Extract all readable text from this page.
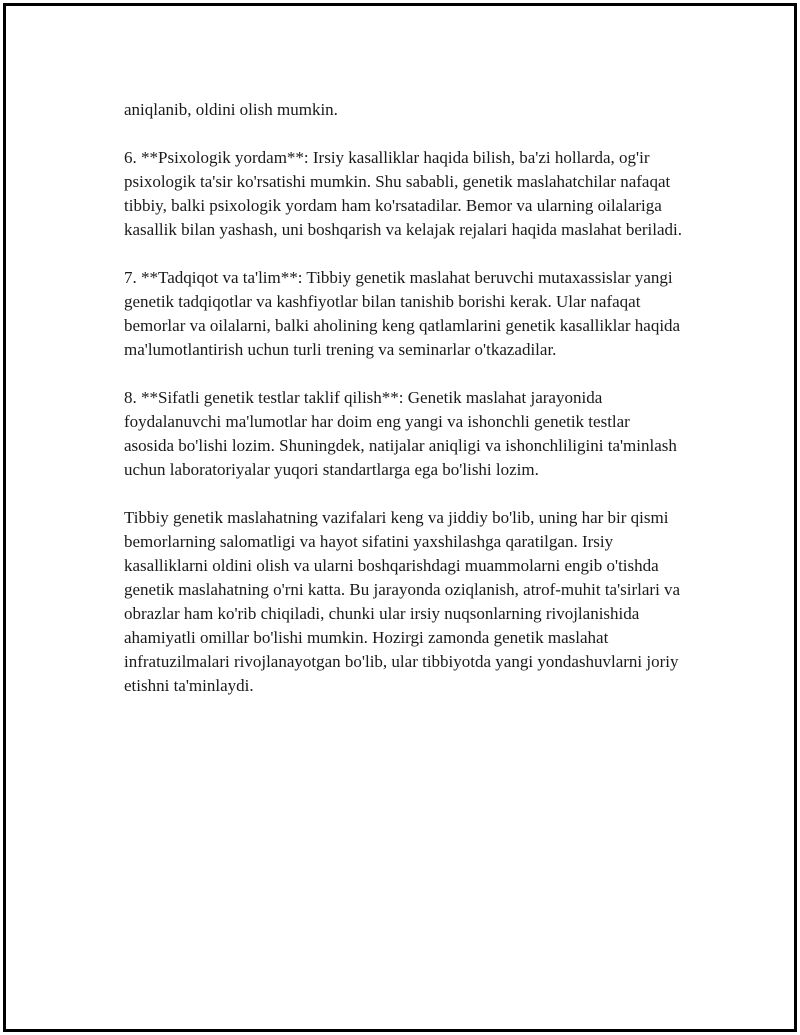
aniqlanib, oldini olish mumkin.

6. **Psixologik yordam**: Irsiy kasalliklar haqida bilish, ba'zi hollarda, og'ir psixologik ta'sir ko'rsatishi mumkin. Shu sababli, genetik maslahatchilar nafaqat tibbiy, balki psixologik yordam ham ko'rsatadilar. Bemor va ularning oilalariga kasallik bilan yashash, uni boshqarish va kelajak rejalari haqida maslahat beriladi.

7. **Tadqiqot va ta'lim**: Tibbiy genetik maslahat beruvchi mutaxassislar yangi genetik tadqiqotlar va kashfiyotlar bilan tanishib borishi kerak. Ular nafaqat bemorlar va oilalarni, balki aholining keng qatlamlarini genetik kasalliklar haqida ma'lumotlantirish uchun turli trening va seminarlar o'tkazadilar.

8. **Sifatli genetik testlar taklif qilish**: Genetik maslahat jarayonida foydalanuvchi ma'lumotlar har doim eng yangi va ishonchli genetik testlar asosida bo'lishi lozim. Shuningdek, natijalar aniqligi va ishonchliligini ta'minlash uchun laboratoriyalar yuqori standartlarga ega bo'lishi lozim.

Tibbiy genetik maslahatning vazifalari keng va jiddiy bo'lib, uning har bir qismi bemorlarning salomatligi va hayot sifatini yaxshilashga qaratilgan. Irsiy kasalliklarni oldini olish va ularni boshqarishdagi muammolarni engib o'tishda genetik maslahatning o'rni katta. Bu jarayonda oziqlanish, atrof-muhit ta'sirlari va obrazlar ham ko'rib chiqiladi, chunki ular irsiy nuqsonlarning rivojlanishida ahamiyatli omillar bo'lishi mumkin. Hozirgi zamonda genetik maslahat infratuzilmalari rivojlanayotgan bo'lib, ular tibbiyotda yangi yondashuvlarni joriy etishni ta'minlaydi.
